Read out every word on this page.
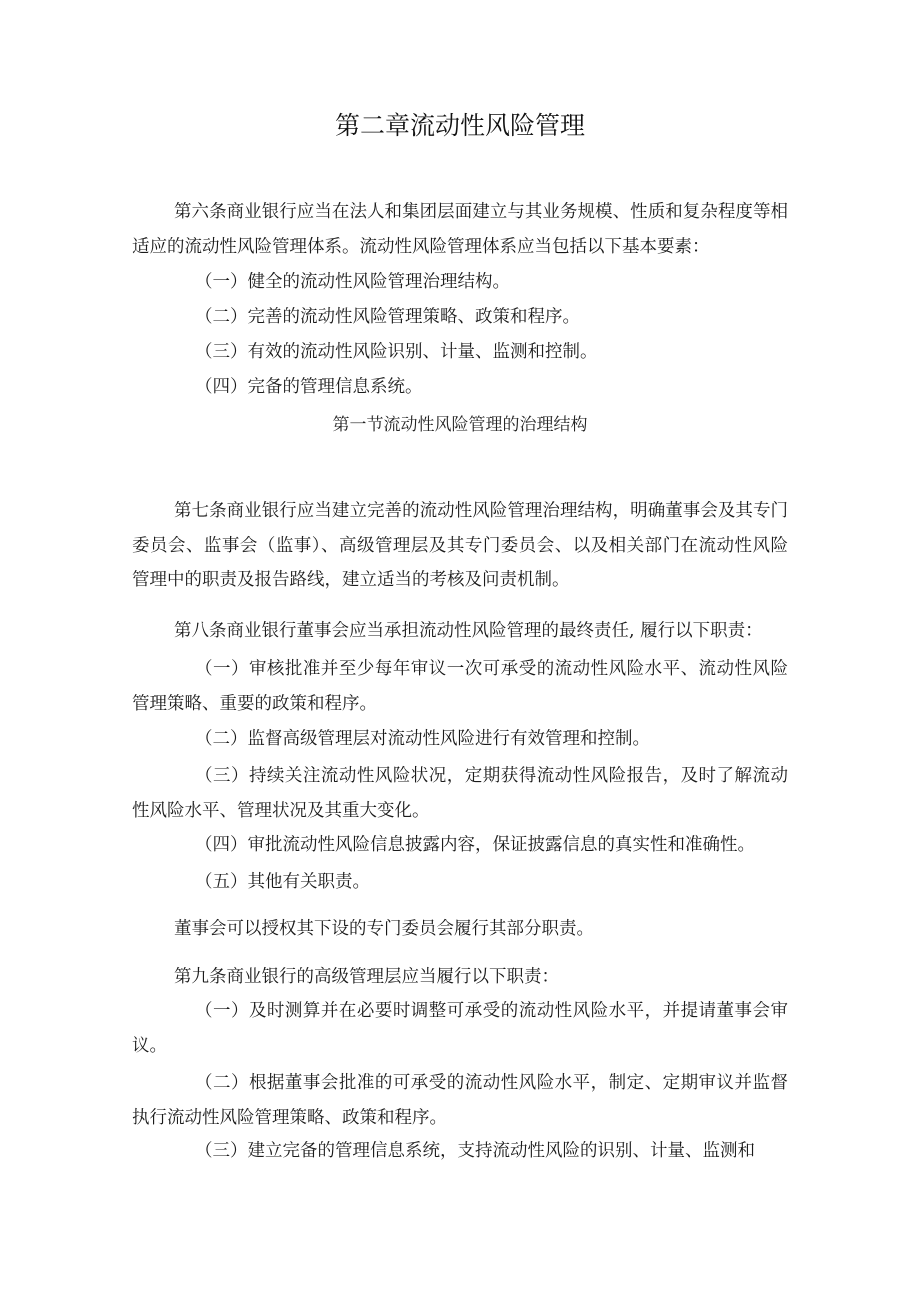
第二章流动性风险管理

第六条商业银行应当在法人和集团层面建立与其业务规模、性质和复杂程度等相适应的流动性风险管理体系。流动性风险管理体系应当包括以下基本要素：

（一）健全的流动性风险管理治理结构。

（二）完善的流动性风险管理策略、政策和程序。

（三）有效的流动性风险识别、计量、监测和控制。

（四）完备的管理信息系统。

第一节流动性风险管理的治理结构

第七条商业银行应当建立完善的流动性风险管理治理结构，明确董事会及其专门委员会、监事会（监事）、高级管理层及其专门委员会、以及相关部门在流动性风险管理中的职责及报告路线，建立适当的考核及问责机制。

第八条商业银行董事会应当承担流动性风险管理的最终责任, 履行以下职责：

（一）审核批准并至少每年审议一次可承受的流动性风险水平、流动性风险管理策略、重要的政策和程序。

（二）监督高级管理层对流动性风险进行有效管理和控制。

（三）持续关注流动性风险状况，定期获得流动性风险报告，及时了解流动性风险水平、管理状况及其重大变化。

（四）审批流动性风险信息披露内容，保证披露信息的真实性和准确性。

（五）其他有关职责。

董事会可以授权其下设的专门委员会履行其部分职责。

第九条商业银行的高级管理层应当履行以下职责：

（一）及时测算并在必要时调整可承受的流动性风险水平，并提请董事会审议。

（二）根据董事会批准的可承受的流动性风险水平，制定、定期审议并监督执行流动性风险管理策略、政策和程序。

（三）建立完备的管理信息系统，支持流动性风险的识别、计量、监测和
